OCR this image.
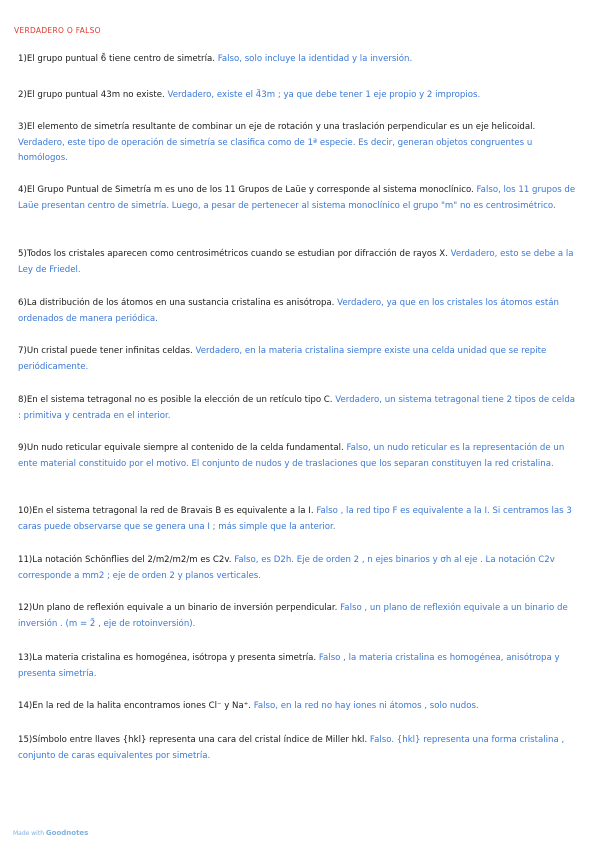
VERDADERO O FALSO
1)El grupo puntual 6̄ tiene centro de simetría. Falso, solo incluye la identidad y la inversión.
2)El grupo puntual 43m no existe. Verdadero, existe el 4̄3m ; ya que debe tener 1 eje propio y 2 impropios.
3)El elemento de simetría resultante de combinar un eje de rotación y una traslación perpendicular es un eje helicoidal. Verdadero, este tipo de operación de simetría se clasifica como de 1ª especie. Es decir, generan objetos congruentes u homólogos.
4)El Grupo Puntual de Simetría m es uno de los 11 Grupos de Laüe y corresponde al sistema monoclínico. Falso, los 11 grupos de Laüe presentan centro de simetría. Luego, a pesar de pertenecer al sistema monoclínico el grupo "m" no es centrosimétrico.
5)Todos los cristales aparecen como centrosimétricos cuando se estudian por difracción de rayos X. Verdadero, esto se debe a la Ley de Friedel.
6)La distribución de los átomos en una sustancia cristalina es anisótropa. Verdadero, ya que en los cristales los átomos están ordenados de manera periódica.
7)Un cristal puede tener infinitas celdas. Verdadero, en la materia cristalina siempre existe una celda unidad que se repite periódicamente.
8)En el sistema tetragonal no es posible la elección de un retículo tipo C. Verdadero, un sistema tetragonal tiene 2 tipos de celda : primitiva y centrada en el interior.
9)Un nudo reticular equivale siempre al contenido de la celda fundamental. Falso, un nudo reticular es la representación de un ente material constituido por el motivo. El conjunto de nudos y de traslaciones que los separan constituyen la red cristalina.
10)En el sistema tetragonal la red de Bravais B es equivalente a la I. Falso , la red tipo F es equivalente a la I. Si centramos las 3 caras puede observarse que se genera una I ; más simple que la anterior.
11)La notación Schönflies del 2/m2/m2/m es C2v. Falso, es D2h. Eje de orden 2 , n ejes binarios y σh al eje . La notación C2v corresponde a mm2 ; eje de orden 2 y planos verticales.
12)Un plano de reflexión equivale a un binario de inversión perpendicular. Falso , un plano de reflexión equivale a un binario de inversión . (m = 2̄ , eje de rotoinversión).
13)La materia cristalina es homogénea, isótropa y presenta simetría. Falso , la materia cristalina es homogénea, anisótropa y presenta simetría.
14)En la red de la halita encontramos iones Cl⁻ y Na⁺. Falso, en la red no hay iones ni átomos , solo nudos.
15)Símbolo entre llaves {hkl} representa una cara del cristal índice de Miller hkl. Falso. {hkl} representa una forma cristalina , conjunto de caras equivalentes por simetría.
Made with Goodnotes
